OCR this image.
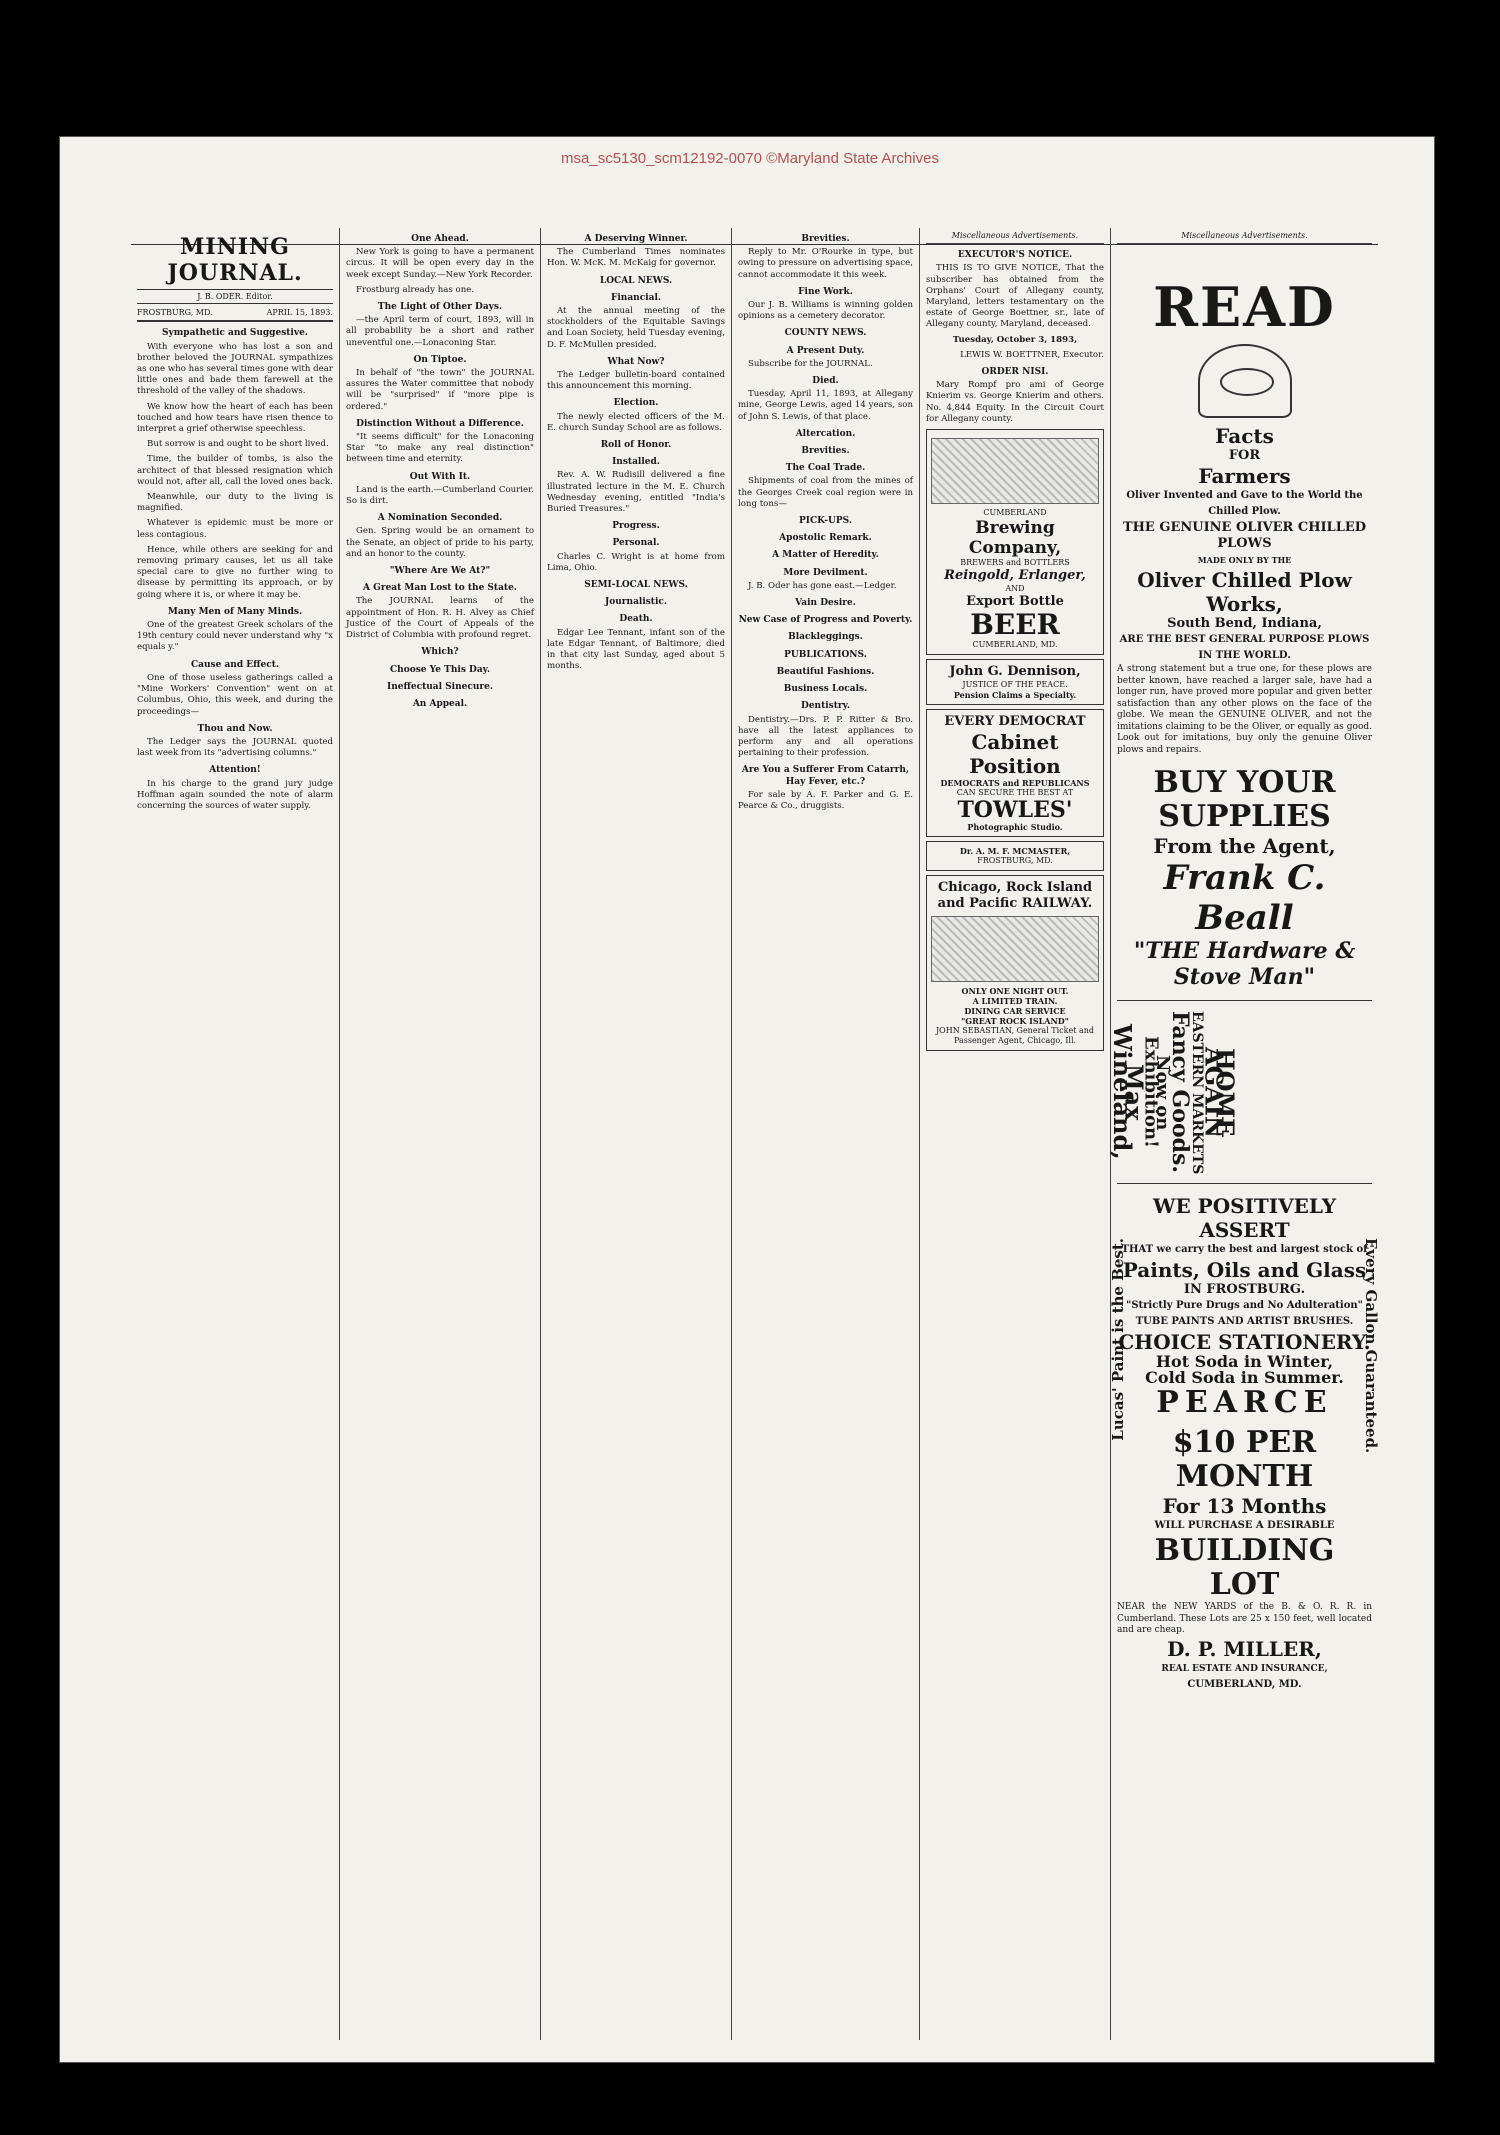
msa_sc5130_scm12192-0070 ©Maryland State Archives
MINING JOURNAL.
J. B. ODER. Editor.
FROSTBURG, MD.	APRIL 15, 1893.
Sympathetic and Suggestive.

With everyone who has lost a son and brother beloved the JOURNAL sympathizes as one who has several times gone with dear little ones and bade them farewell at the threshold of the valley of the shadows.

We know how the heart of each has been touched and how tears have risen thence to interpret a grief otherwise speechless.

But sorrow is and ought to be short lived.

Time, the builder of tombs, is also the architect of that blessed resignation which would not, after all, call the loved ones back.

Meanwhile, our duty to the living is magnified.

Whatever is epidemic must be more or less contagious.

Hence, while others are seeking for and removing primary causes, let us all take special care to give no further wing to disease by permitting its approach, or by going where it is, or where it may be.

Many Men of Many Minds.

One of the greatest Greek scholars of the 19th century could never understand why "x equals y."

Cause and Effect.

One of those useless gatherings called a "Mine Workers' Convention" went on at Columbus, Ohio, this week, and during the proceedings—

Thou and Now.

The Ledger says the JOURNAL quoted last week from its "advertising columns."

Attention!

In his charge to the grand jury judge Hoffman again sounded the note of alarm concerning the sources of water supply.

One Ahead.

New York is going to have a permanent circus. It will be open every day in the week except Sunday.—New York Recorder.

Frostburg already has one.

The Light of Other Days.

—the April term of court, 1893, will in all probability be a short and rather uneventful one.—Lonaconing Star.

On Tiptoe.

In behalf of "the town" the JOURNAL assures the Water committee that nobody will be "surprised" if "more pipe is ordered."

Distinction Without a Difference.

"It seems difficult" for the Lonaconing Star "to make any real distinction" between time and eternity.

Out With It.

Land is the earth.—Cumberland Courier. So is dirt.

A Nomination Seconded.

Gen. Spring would be an ornament to the Senate, an object of pride to his party, and an honor to the county.

"Where Are We At?"
A Great Man Lost to the State.

The JOURNAL learns of the appointment of Hon. R. H. Alvey as Chief Justice of the Court of Appeals of the District of Columbia with profound regret.

Which?
Choose Ye This Day.
Ineffectual Sinecure.
An Appeal.
A Deserving Winner.

The Cumberland Times nominates Hon. W. McK. M. McKaig for governor.

LOCAL NEWS.
Financial.

At the annual meeting of the stockholders of the Equitable Savings and Loan Society, held Tuesday evening, D. F. McMullen presided.

What Now?

The Ledger bulletin-board contained this announcement this morning.

Election.

The newly elected officers of the M. E. church Sunday School are as follows.

Roll of Honor.
Installed.

Rev. A. W. Rudisill delivered a fine illustrated lecture in the M. E. Church Wednesday evening, entitled "India's Buried Treasures."

Progress.
Personal.

Charles C. Wright is at home from Lima, Ohio.

SEMI-LOCAL NEWS.
Journalistic.
Death.

Edgar Lee Tennant, infant son of the late Edgar Tennant, of Baltimore, died in that city last Sunday, aged about 5 months.

Brevities.

Reply to Mr. O'Rourke in type, but owing to pressure on advertising space, cannot accommodate it this week.

Fine Work.

Our J. B. Williams is winning golden opinions as a cemetery decorator.

COUNTY NEWS.
A Present Duty.

Subscribe for the JOURNAL.

Died.

Tuesday, April 11, 1893, at Allegany mine, George Lewis, aged 14 years, son of John S. Lewis, of that place.

Altercation.
Brevities.
The Coal Trade.

Shipments of coal from the mines of the Georges Creek coal region were in long tons—

PICK-UPS.
Apostolic Remark.
A Matter of Heredity.
More Devilment.

J. B. Oder has gone east.—Ledger.

Vain Desire.
New Case of Progress and Poverty.
Blackleggings.
PUBLICATIONS.
Beautiful Fashions.
Business Locals.
Dentistry.

Dentistry.—Drs. P. P. Ritter & Bro. have all the latest appliances to perform any and all operations pertaining to their profession.

Are You a Sufferer From Catarrh, Hay Fever, etc.?

For sale by A. F. Parker and G. E. Pearce & Co., druggists.

Miscellaneous Advertisements.
EXECUTOR'S NOTICE.

THIS IS TO GIVE NOTICE, That the subscriber has obtained from the Orphans' Court of Allegany county, Maryland, letters testamentary on the estate of George Boettner, sr., late of Allegany county, Maryland, deceased.

Tuesday, October 3, 1893,

LEWIS W. BOETTNER, Executor.

ORDER NISI.

Mary Rompf pro ami of George Knierim vs. George Knierim and others. No. 4,844 Equity. In the Circuit Court for Allegany county.

CUMBERLAND
Brewing Company,
BREWERS and BOTTLERS
Reingold, Erlanger,
AND
Export Bottle
BEER
CUMBERLAND, MD.
John G. Dennison,
JUSTICE OF THE PEACE.
Pension Claims a Specialty.
EVERY DEMOCRAT
Cabinet Position
DEMOCRATS and REPUBLICANS
CAN SECURE THE BEST AT
TOWLES'
Photographic Studio.
Dr. A. M. F. MCMASTER,
FROSTBURG, MD.
Chicago, Rock Island and Pacific RAILWAY.
ONLY ONE NIGHT OUT.
A LIMITED TRAIN.
DINING CAR SERVICE
"GREAT ROCK ISLAND"
JOHN SEBASTIAN, General Ticket and Passenger Agent, Chicago, Ill.
Miscellaneous Advertisements.
READ
Facts
FOR
Farmers
Oliver Invented and Gave to the World the Chilled Plow.
THE GENUINE OLIVER CHILLED PLOWS
MADE ONLY BY THE
Oliver Chilled Plow Works,
South Bend, Indiana,
ARE THE BEST GENERAL PURPOSE PLOWS IN THE WORLD.
A strong statement but a true one, for these plows are better known, have reached a larger sale, have had a longer run, have proved more popular and given better satisfaction than any other plows on the face of the globe. We mean the GENUINE OLIVER, and not the imitations claiming to be the Oliver, or equally as good. Look out for imitations, buy only the genuine Oliver plows and repairs.
BUY YOUR SUPPLIES
From the Agent,
Frank C. Beall
"THE Hardware & Stove Man"
Max Wineland, Now on Exhibition! Fancy Goods.
EASTERN MARKETS HOME AGAIN
WE POSITIVELY ASSERT
THAT we carry the best and largest stock of
Paints, Oils and Glass
IN FROSTBURG.
"Strictly Pure Drugs and No Adulteration"
TUBE PAINTS AND ARTIST BRUSHES.
CHOICE STATIONERY.
Hot Soda in Winter,
Cold Soda in Summer.
PEARCE
$10 PER MONTH
For 13 Months
WILL PURCHASE A DESIRABLE
BUILDING LOT
NEAR the NEW YARDS of the B. & O. R. R. in Cumberland. These Lots are 25 x 150 feet, well located and are cheap.
D. P. MILLER,
REAL ESTATE AND INSURANCE,
CUMBERLAND, MD.
Lucas' Paint is the Best.	Every Gallon Guaranteed.
